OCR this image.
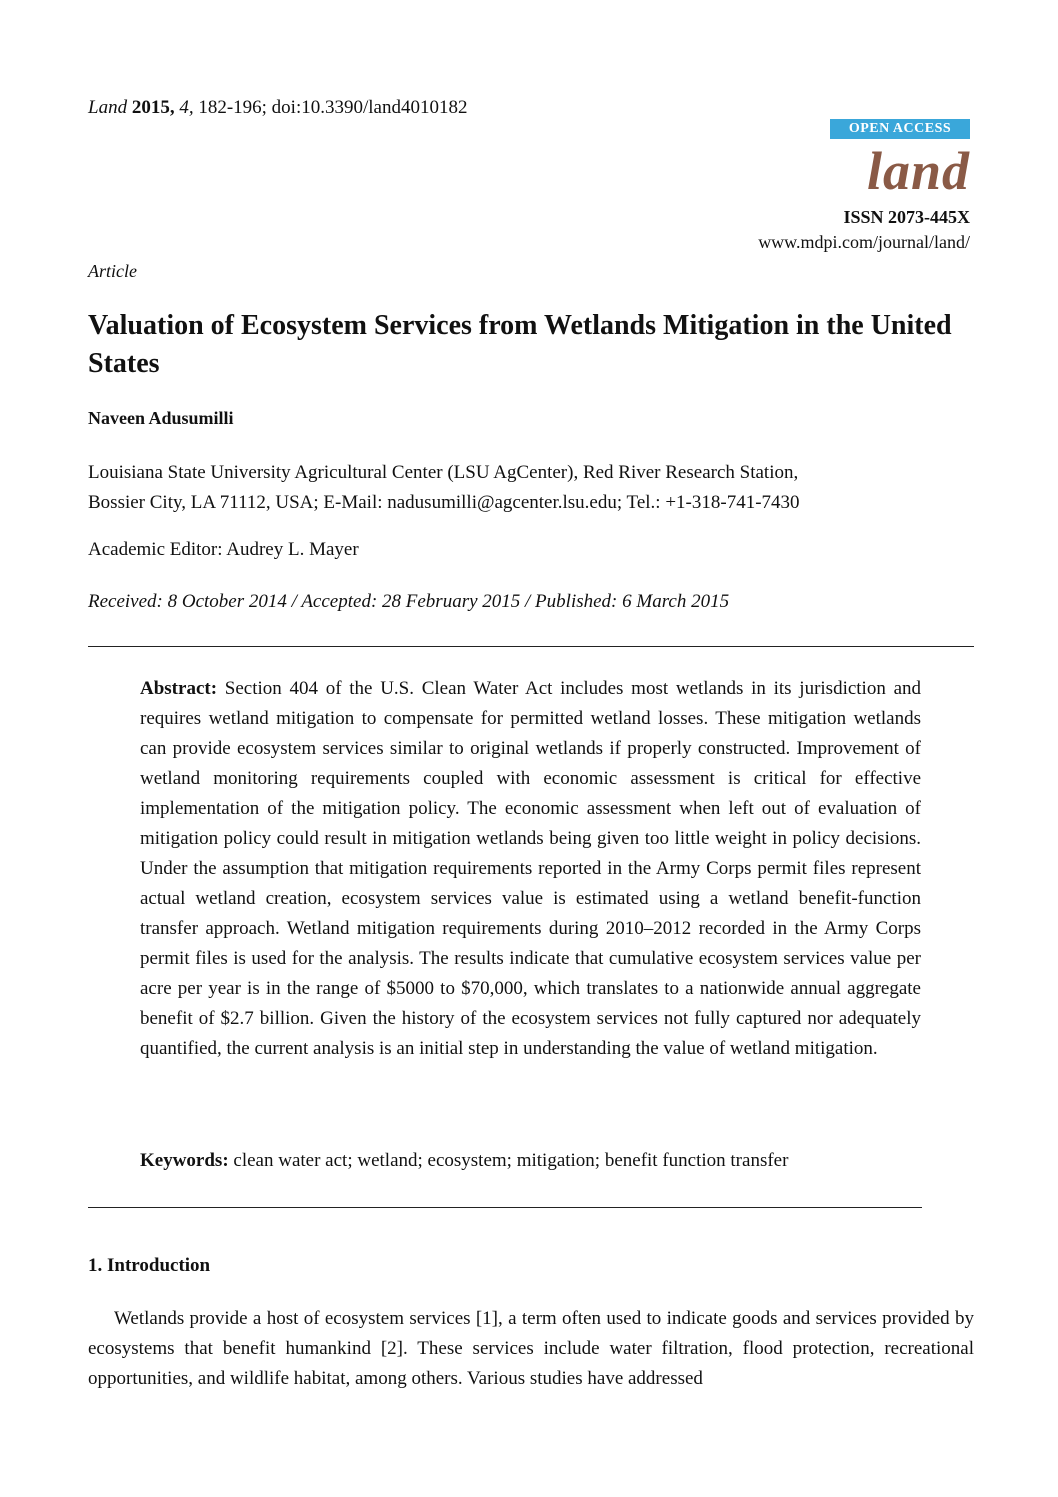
Land 2015, 4, 182-196; doi:10.3390/land4010182
OPEN ACCESS
land
ISSN 2073-445X
www.mdpi.com/journal/land/
Article
Valuation of Ecosystem Services from Wetlands Mitigation in the United States
Naveen Adusumilli
Louisiana State University Agricultural Center (LSU AgCenter), Red River Research Station,
Bossier City, LA 71112, USA; E-Mail: nadusumilli@agcenter.lsu.edu; Tel.: +1-318-741-7430
Academic Editor: Audrey L. Mayer
Received: 8 October 2014 / Accepted: 28 February 2015 / Published: 6 March 2015

Abstract: Section 404 of the U.S. Clean Water Act includes most wetlands in its jurisdiction and requires wetland mitigation to compensate for permitted wetland losses. These mitigation wetlands can provide ecosystem services similar to original wetlands if properly constructed. Improvement of wetland monitoring requirements coupled with economic assessment is critical for effective implementation of the mitigation policy. The economic assessment when left out of evaluation of mitigation policy could result in mitigation wetlands being given too little weight in policy decisions. Under the assumption that mitigation requirements reported in the Army Corps permit files represent actual wetland creation, ecosystem services value is estimated using a wetland benefit-function transfer approach. Wetland mitigation requirements during 2010–2012 recorded in the Army Corps permit files is used for the analysis. The results indicate that cumulative ecosystem services value per acre per year is in the range of $5000 to $70,000, which translates to a nationwide annual aggregate benefit of $2.7 billion. Given the history of the ecosystem services not fully captured nor adequately quantified, the current analysis is an initial step in understanding the value of wetland mitigation.

Keywords: clean water act; wetland; ecosystem; mitigation; benefit function transfer
1. Introduction

Wetlands provide a host of ecosystem services [1], a term often used to indicate goods and services provided by ecosystems that benefit humankind [2]. These services include water filtration, flood protection, recreational opportunities, and wildlife habitat, among others. Various studies have addressed
